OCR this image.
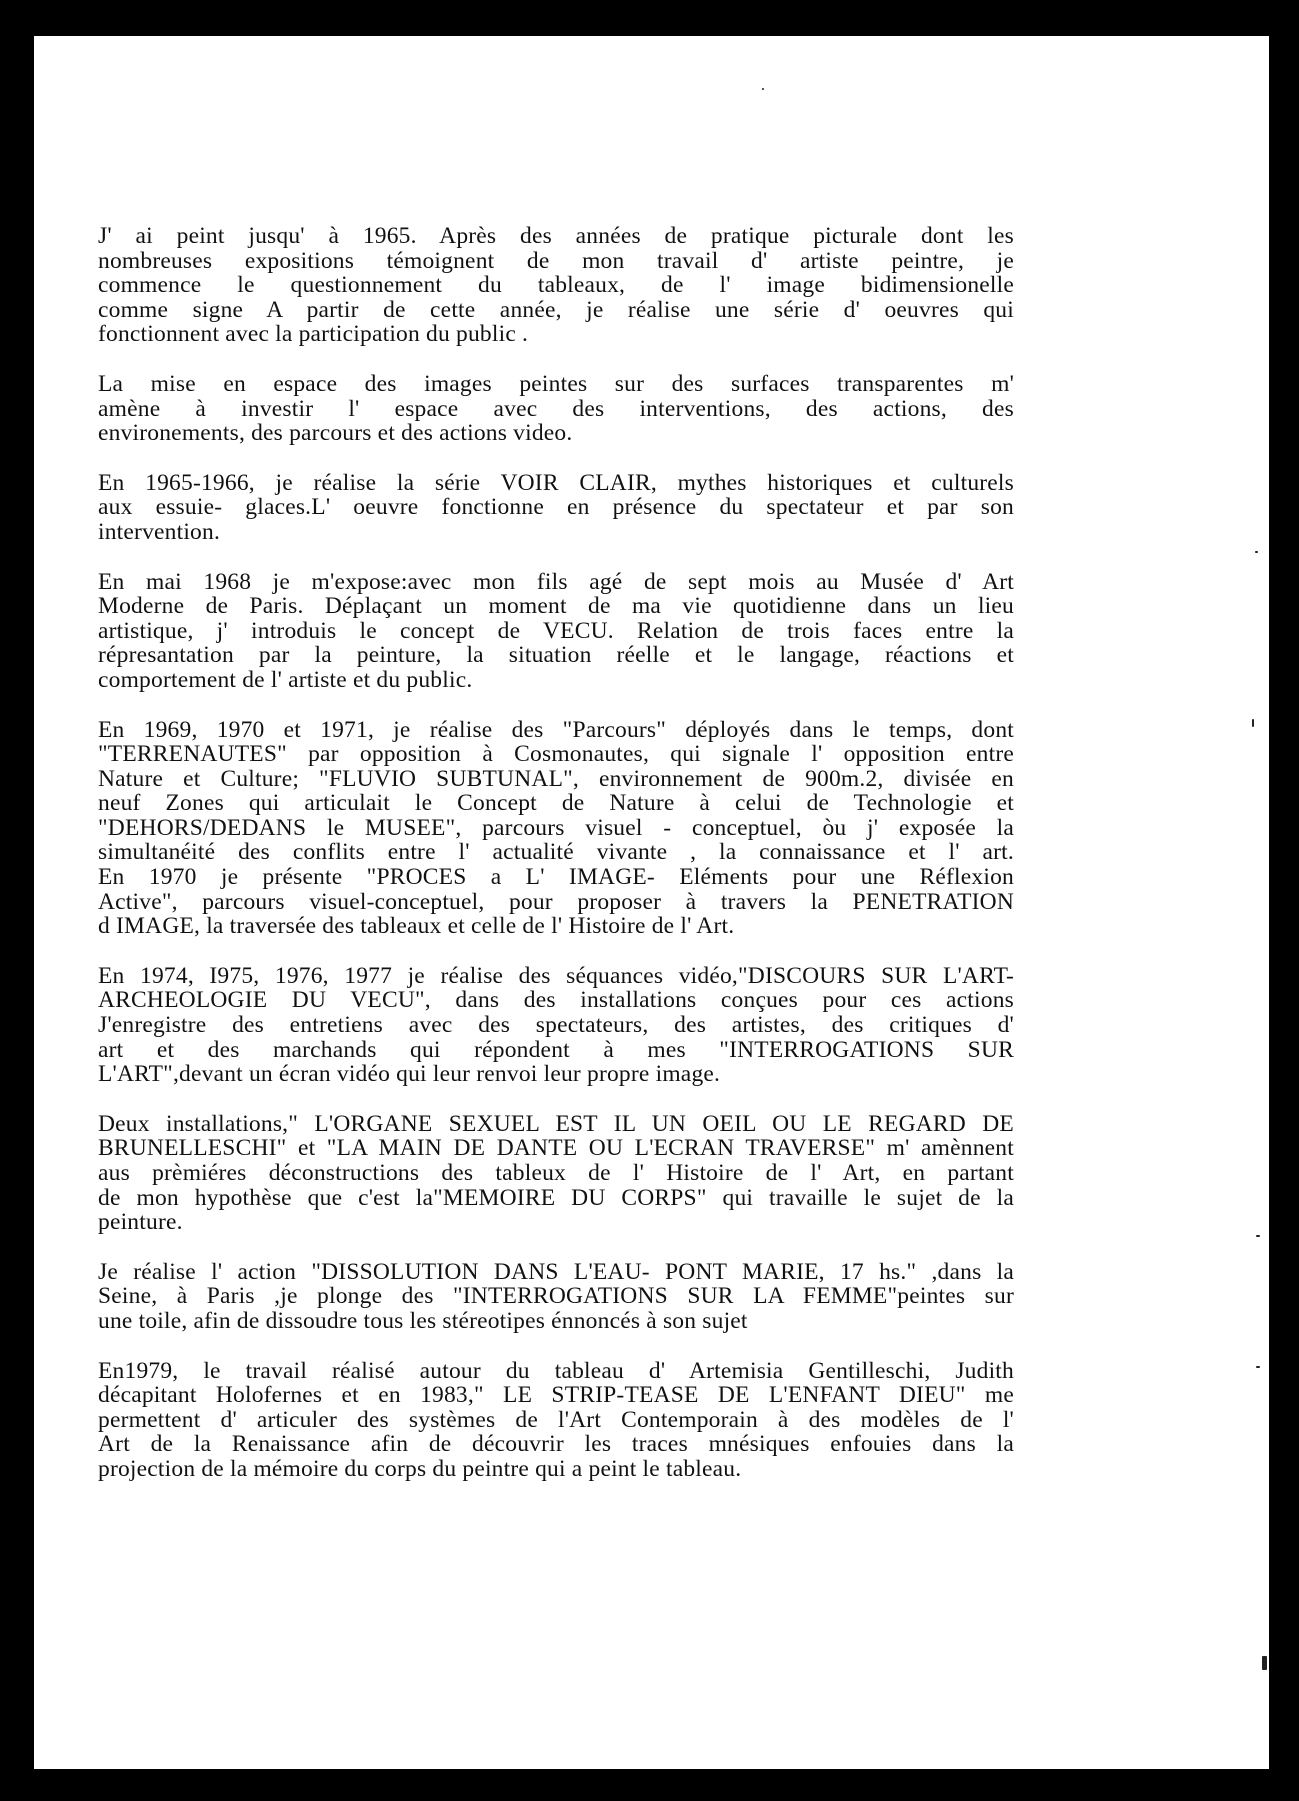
J' ai peint jusqu' à 1965. Après des années de pratique picturale dont les
nombreuses expositions témoignent de mon travail d' artiste peintre, je
commence le questionnement du tableaux, de l' image bidimensionelle
comme signe A partir de cette année, je réalise une série d' oeuvres qui
fonctionnent avec la participation du public .

La mise en espace des images peintes sur des surfaces transparentes m'
amène à investir l' espace avec des interventions, des actions, des
environements, des parcours et des actions video.

En 1965-1966, je réalise la série VOIR CLAIR, mythes historiques et culturels
aux essuie- glaces.L' oeuvre fonctionne en présence du spectateur et par son
intervention.

En mai 1968 je m'expose:avec mon fils agé de sept mois au Musée d' Art
Moderne de Paris. Déplaçant un moment de ma vie quotidienne dans un lieu
artistique, j' introduis le concept de VECU. Relation de trois faces entre la
répresantation par la peinture, la situation réelle et le langage, réactions et
comportement de l' artiste et du public.

En 1969, 1970 et 1971, je réalise des "Parcours" déployés dans le temps, dont
"TERRENAUTES" par opposition à Cosmonautes, qui signale l' opposition entre
Nature et Culture; "FLUVIO SUBTUNAL", environnement de 900m.2, divisée en
neuf Zones qui articulait le Concept de Nature à celui de Technologie et
"DEHORS/DEDANS le MUSEE", parcours visuel - conceptuel, òu j' exposée la
simultanéité des conflits entre l' actualité vivante , la connaissance et l' art.
En 1970 je présente "PROCES a L' IMAGE- Eléments pour une Réflexion
Active", parcours visuel-conceptuel, pour proposer à travers la PENETRATION
d IMAGE, la traversée des tableaux et celle de l' Histoire de l' Art.

En 1974, I975, 1976, 1977 je réalise des séquances vidéo,"DISCOURS SUR L'ART-
ARCHEOLOGIE DU VECU", dans des installations conçues pour ces actions
J'enregistre des entretiens avec des spectateurs, des artistes, des critiques d'
art et des marchands qui répondent à mes "INTERROGATIONS SUR
L'ART",devant un écran vidéo qui leur renvoi leur propre image.

Deux installations," L'ORGANE SEXUEL EST IL UN OEIL OU LE REGARD DE
BRUNELLESCHI" et "LA MAIN DE DANTE OU L'ECRAN TRAVERSE" m' amènnent
aus prèmiéres déconstructions des tableux de l' Histoire de l' Art, en partant
de mon hypothèse que c'est la"MEMOIRE DU CORPS" qui travaille le sujet de la
peinture.

Je réalise l' action "DISSOLUTION DANS L'EAU- PONT MARIE, 17 hs." ,dans la
Seine, à Paris ,je plonge des "INTERROGATIONS SUR LA FEMME"peintes sur
une toile, afin de dissoudre tous les stéreotipes énnoncés à son sujet

En1979, le travail réalisé autour du tableau d' Artemisia Gentilleschi, Judith
décapitant Holofernes et en 1983," LE STRIP-TEASE DE L'ENFANT DIEU" me
permettent d' articuler des systèmes de l'Art Contemporain à des modèles de l'
Art de la Renaissance afin de découvrir les traces mnésiques enfouies dans la
projection de la mémoire du corps du peintre qui a peint le tableau.
